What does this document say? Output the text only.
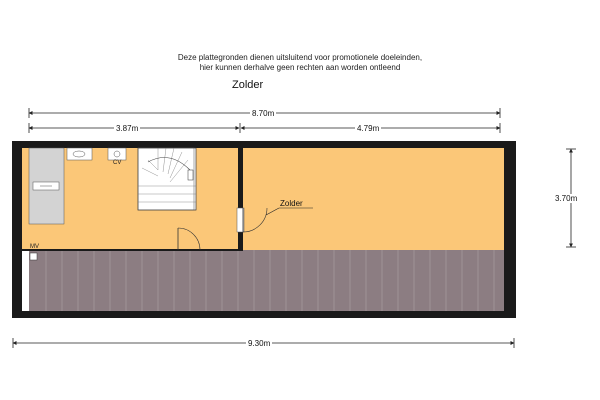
Deze plattegronden dienen uitsluitend voor promotionele doeleinden,
hier kunnen derhalve geen rechten aan worden ontleend
Zolder
8.70m
3.87m	4.79m
3.70m
9.30m
Zolder
CV
MV
